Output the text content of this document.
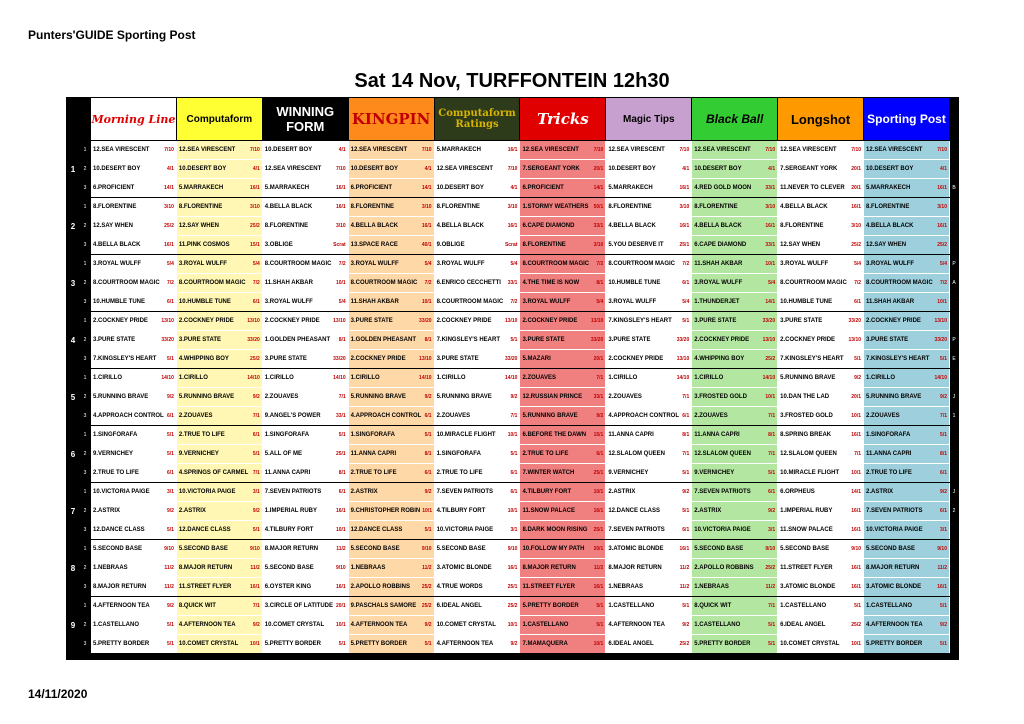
Punters'GUIDE Sporting Post
Sat 14 Nov, TURFFONTEIN 12h30
		Morning Line	Computaform	WINNING FORM	KINGPIN	Computaform Ratings	Tricks	Magic Tips	Black Ball	Longshot	Sporting Post	
	1	12.SEA VIRESCENT 7/10	12.SEA VIRESCENT 7/10	10.DESERT BOY 4/1	12.SEA VIRESCENT 7/10	5.MARRAKECH 16/1	12.SEA VIRESCENT 7/10	12.SEA VIRESCENT 7/10	12.SEA VIRESCENT 7/10	12.SEA VIRESCENT 7/10	12.SEA VIRESCENT 7/10	

1	2	10.DESERT BOY 4/1	10.DESERT BOY 4/1	12.SEA VIRESCENT 7/10	10.DESERT BOY 4/1	12.SEA VIRESCENT 7/10	7.SERGEANT YORK 20/1	10.DESERT BOY 4/1	10.DESERT BOY 4/1	7.SERGEANT YORK 20/1	10.DESERT BOY 4/1	

	3	6.PROFICIENT 14/1	5.MARRAKECH 16/1	5.MARRAKECH 16/1	6.PROFICIENT 14/1	10.DESERT BOY 4/1	6.PROFICIENT 14/1	5.MARRAKECH 16/1	4.RED GOLD MOON 33/1	11.NEVER TO CLEVER 20/1	5.MARRAKECH 16/1	B
	1	8.FLORENTINE 3/10	8.FLORENTINE 3/10	4.BELLA BLACK 16/1	8.FLORENTINE 3/10	8.FLORENTINE 3/10	1.STORMY WEATHERS 50/1	8.FLORENTINE 3/10	8.FLORENTINE 3/10	4.BELLA BLACK 16/1	8.FLORENTINE 3/10	

2	2	12.SAY WHEN 25/2	12.SAY WHEN 25/2	8.FLORENTINE 3/10	4.BELLA BLACK 16/1	4.BELLA BLACK 16/1	6.CAPE DIAMOND 33/1	4.BELLA BLACK 16/1	4.BELLA BLACK 16/1	8.FLORENTINE 3/10	4.BELLA BLACK 16/1	

	3	4.BELLA BLACK 16/1	11.PINK COSMOS 15/1	3.OBLIGE Scrat	13.SPACE RACE 40/1	9.OBLIGE Scrat	8.FLORENTINE 3/10	5.YOU DESERVE IT 25/1	6.CAPE DIAMOND 33/1	12.SAY WHEN 25/2	12.SAY WHEN 25/2	

	1	3.ROYAL WULFF 5/4	3.ROYAL WULFF 5/4	8.COURTROOM MAGIC 7/2	3.ROYAL WULFF 5/4	3.ROYAL WULFF 5/4	8.COURTROOM MAGIC 7/2	8.COURTROOM MAGIC 7/2	11.SHAH AKBAR 10/1	3.ROYAL WULFF 5/4	3.ROYAL WULFF 5/4	P
3	2	8.COURTROOM MAGIC 7/2	8.COURTROOM MAGIC 7/2	11.SHAH AKBAR 10/1	8.COURTROOM MAGIC 7/2	6.ENRICO CECCHETTI 33/1	4.THE TIME IS NOW 8/1	10.HUMBLE TUNE 6/1	3.ROYAL WULFF 5/4	8.COURTROOM MAGIC 7/2	8.COURTROOM MAGIC 7/2	A
	3	10.HUMBLE TUNE 6/1	10.HUMBLE TUNE 6/1	3.ROYAL WULFF 5/4	11.SHAH AKBAR 10/1	8.COURTROOM MAGIC 7/2	3.ROYAL WULFF 5/4	3.ROYAL WULFF 5/4	1.THUNDERJET 14/1	10.HUMBLE TUNE 6/1	11.SHAH AKBAR 10/1	

	1	2.COCKNEY PRIDE 13/10	2.COCKNEY PRIDE 13/10	2.COCKNEY PRIDE 13/10	3.PURE STATE 33/20	2.COCKNEY PRIDE 13/10	2.COCKNEY PRIDE 13/10	7.KINGSLEY'S HEART 5/1	3.PURE STATE 33/20	3.PURE STATE 33/20	2.COCKNEY PRIDE 13/10	

4	2	3.PURE STATE 33/20	3.PURE STATE 33/20	1.GOLDEN PHEASANT 8/1	1.GOLDEN PHEASANT 8/1	7.KINGSLEY'S HEART 5/1	3.PURE STATE 33/20	3.PURE STATE 33/20	2.COCKNEY PRIDE 13/10	2.COCKNEY PRIDE 13/10	3.PURE STATE 33/20	P
	3	7.KINGSLEY'S HEART 5/1	4.WHIPPING BOY 25/2	3.PURE STATE 33/20	2.COCKNEY PRIDE 13/10	3.PURE STATE 33/20	5.MAZARI 20/1	2.COCKNEY PRIDE 13/10	4.WHIPPING BOY 25/2	7.KINGSLEY'S HEART 5/1	7.KINGSLEY'S HEART 5/1	E
	1	1.CIRILLO 14/10	1.CIRILLO 14/10	1.CIRILLO 14/10	1.CIRILLO 14/10	1.CIRILLO 14/10	2.ZOUAVES 7/1	1.CIRILLO 14/10	1.CIRILLO 14/10	5.RUNNING BRAVE 9/2	1.CIRILLO 14/10	

5	2	5.RUNNING BRAVE 9/2	5.RUNNING BRAVE 9/2	2.ZOUAVES 7/1	5.RUNNING BRAVE 9/2	5.RUNNING BRAVE 9/2	12.RUSSIAN PRINCE 33/1	2.ZOUAVES 7/1	3.FROSTED GOLD 10/1	10.DAN THE LAD 20/1	5.RUNNING BRAVE 9/2	J
	3	4.APPROACH CONTROL 6/1	2.ZOUAVES 7/1	9.ANGEL'S POWER 33/1	4.APPROACH CONTROL 6/1	2.ZOUAVES 7/1	5.RUNNING BRAVE 9/2	4.APPROACH CONTROL 6/1	2.ZOUAVES 7/1	3.FROSTED GOLD 10/1	2.ZOUAVES 7/1	1
	1	1.SINGFORAFA 5/1	2.TRUE TO LIFE 6/1	1.SINGFORAFA 5/1	1.SINGFORAFA 5/1	10.MIRACLE FLIGHT 10/1	6.BEFORE THE DAWN 15/1	11.ANNA CAPRI 8/1	11.ANNA CAPRI 8/1	8.SPRING BREAK 16/1	1.SINGFORAFA 5/1	

6	2	9.VERNICHEY 5/1	9.VERNICHEY 5/1	5.ALL OF ME 25/1	11.ANNA CAPRI 8/1	1.SINGFORAFA 5/1	2.TRUE TO LIFE 6/1	12.SLALOM QUEEN 7/1	12.SLALOM QUEEN 7/1	12.SLALOM QUEEN 7/1	11.ANNA CAPRI 8/1	

	3	2.TRUE TO LIFE 6/1	4.SPRINGS OF CARMEL 7/1	11.ANNA CAPRI 8/1	2.TRUE TO LIFE 6/1	2.TRUE TO LIFE 6/1	7.WINTER WATCH 25/1	9.VERNICHEY 5/1	9.VERNICHEY 5/1	10.MIRACLE FLIGHT 10/1	2.TRUE TO LIFE 6/1	

	1	10.VICTORIA PAIGE 3/1	10.VICTORIA PAIGE 3/1	7.SEVEN PATRIOTS 6/1	2.ASTRIX 9/2	7.SEVEN PATRIOTS 6/1	4.TILBURY FORT 10/1	2.ASTRIX 9/2	7.SEVEN PATRIOTS 6/1	6.ORPHEUS 14/1	2.ASTRIX 9/2	J
7	2	2.ASTRIX 9/2	2.ASTRIX 9/2	1.IMPERIAL RUBY 16/1	9.CHRISTOPHER ROBIN 10/1	4.TILBURY FORT 10/1	11.SNOW PALACE 16/1	12.DANCE CLASS 5/1	2.ASTRIX 9/2	1.IMPERIAL RUBY 16/1	7.SEVEN PATRIOTS 6/1	2
	3	12.DANCE CLASS 5/1	12.DANCE CLASS 5/1	4.TILBURY FORT 10/1	12.DANCE CLASS 5/1	10.VICTORIA PAIGE 3/1	8.DARK MOON RISING 25/1	7.SEVEN PATRIOTS 6/1	10.VICTORIA PAIGE 3/1	11.SNOW PALACE 16/1	10.VICTORIA PAIGE 3/1	

	1	5.SECOND BASE 9/10	5.SECOND BASE 9/10	8.MAJOR RETURN 11/2	5.SECOND BASE 9/10	5.SECOND BASE 9/10	10.FOLLOW MY PATH 20/1	3.ATOMIC BLONDE 16/1	5.SECOND BASE 9/10	5.SECOND BASE 9/10	5.SECOND BASE 9/10	

8	2	1.NEBRAAS 11/2	8.MAJOR RETURN 11/2	5.SECOND BASE 9/10	1.NEBRAAS 11/2	3.ATOMIC BLONDE 16/1	8.MAJOR RETURN 11/2	8.MAJOR RETURN 11/2	2.APOLLO ROBBINS 25/2	11.STREET FLYER 16/1	8.MAJOR RETURN 11/2	

	3	8.MAJOR RETURN 11/2	11.STREET FLYER 16/1	6.OYSTER KING 16/1	2.APOLLO ROBBINS 25/2	4.TRUE WORDS 25/1	11.STREET FLYER 16/1	1.NEBRAAS 11/2	1.NEBRAAS 11/2	3.ATOMIC BLONDE 16/1	3.ATOMIC BLONDE 16/1	

	1	4.AFTERNOON TEA 9/2	8.QUICK WIT 7/1	3.CIRCLE OF LATITUDE 20/1	9.PASCHALS SAMORE 25/2	6.IDEAL ANGEL 25/2	5.PRETTY BORDER 5/1	1.CASTELLANO 5/1	8.QUICK WIT 7/1	1.CASTELLANO 5/1	1.CASTELLANO 5/1	

9	2	1.CASTELLANO 5/1	4.AFTERNOON TEA 9/2	10.COMET CRYSTAL 10/1	4.AFTERNOON TEA 9/2	10.COMET CRYSTAL 10/1	1.CASTELLANO 5/1	4.AFTERNOON TEA 9/2	1.CASTELLANO 5/1	6.IDEAL ANGEL 25/2	4.AFTERNOON TEA 9/2	

	3	5.PRETTY BORDER 5/1	10.COMET CRYSTAL 10/1	5.PRETTY BORDER 5/1	5.PRETTY BORDER 5/1	4.AFTERNOON TEA 9/2	7.MAMAQUERA 10/1	6.IDEAL ANGEL 25/2	5.PRETTY BORDER 5/1	10.COMET CRYSTAL 10/1	5.PRETTY BORDER 5/1	

14/11/2020
